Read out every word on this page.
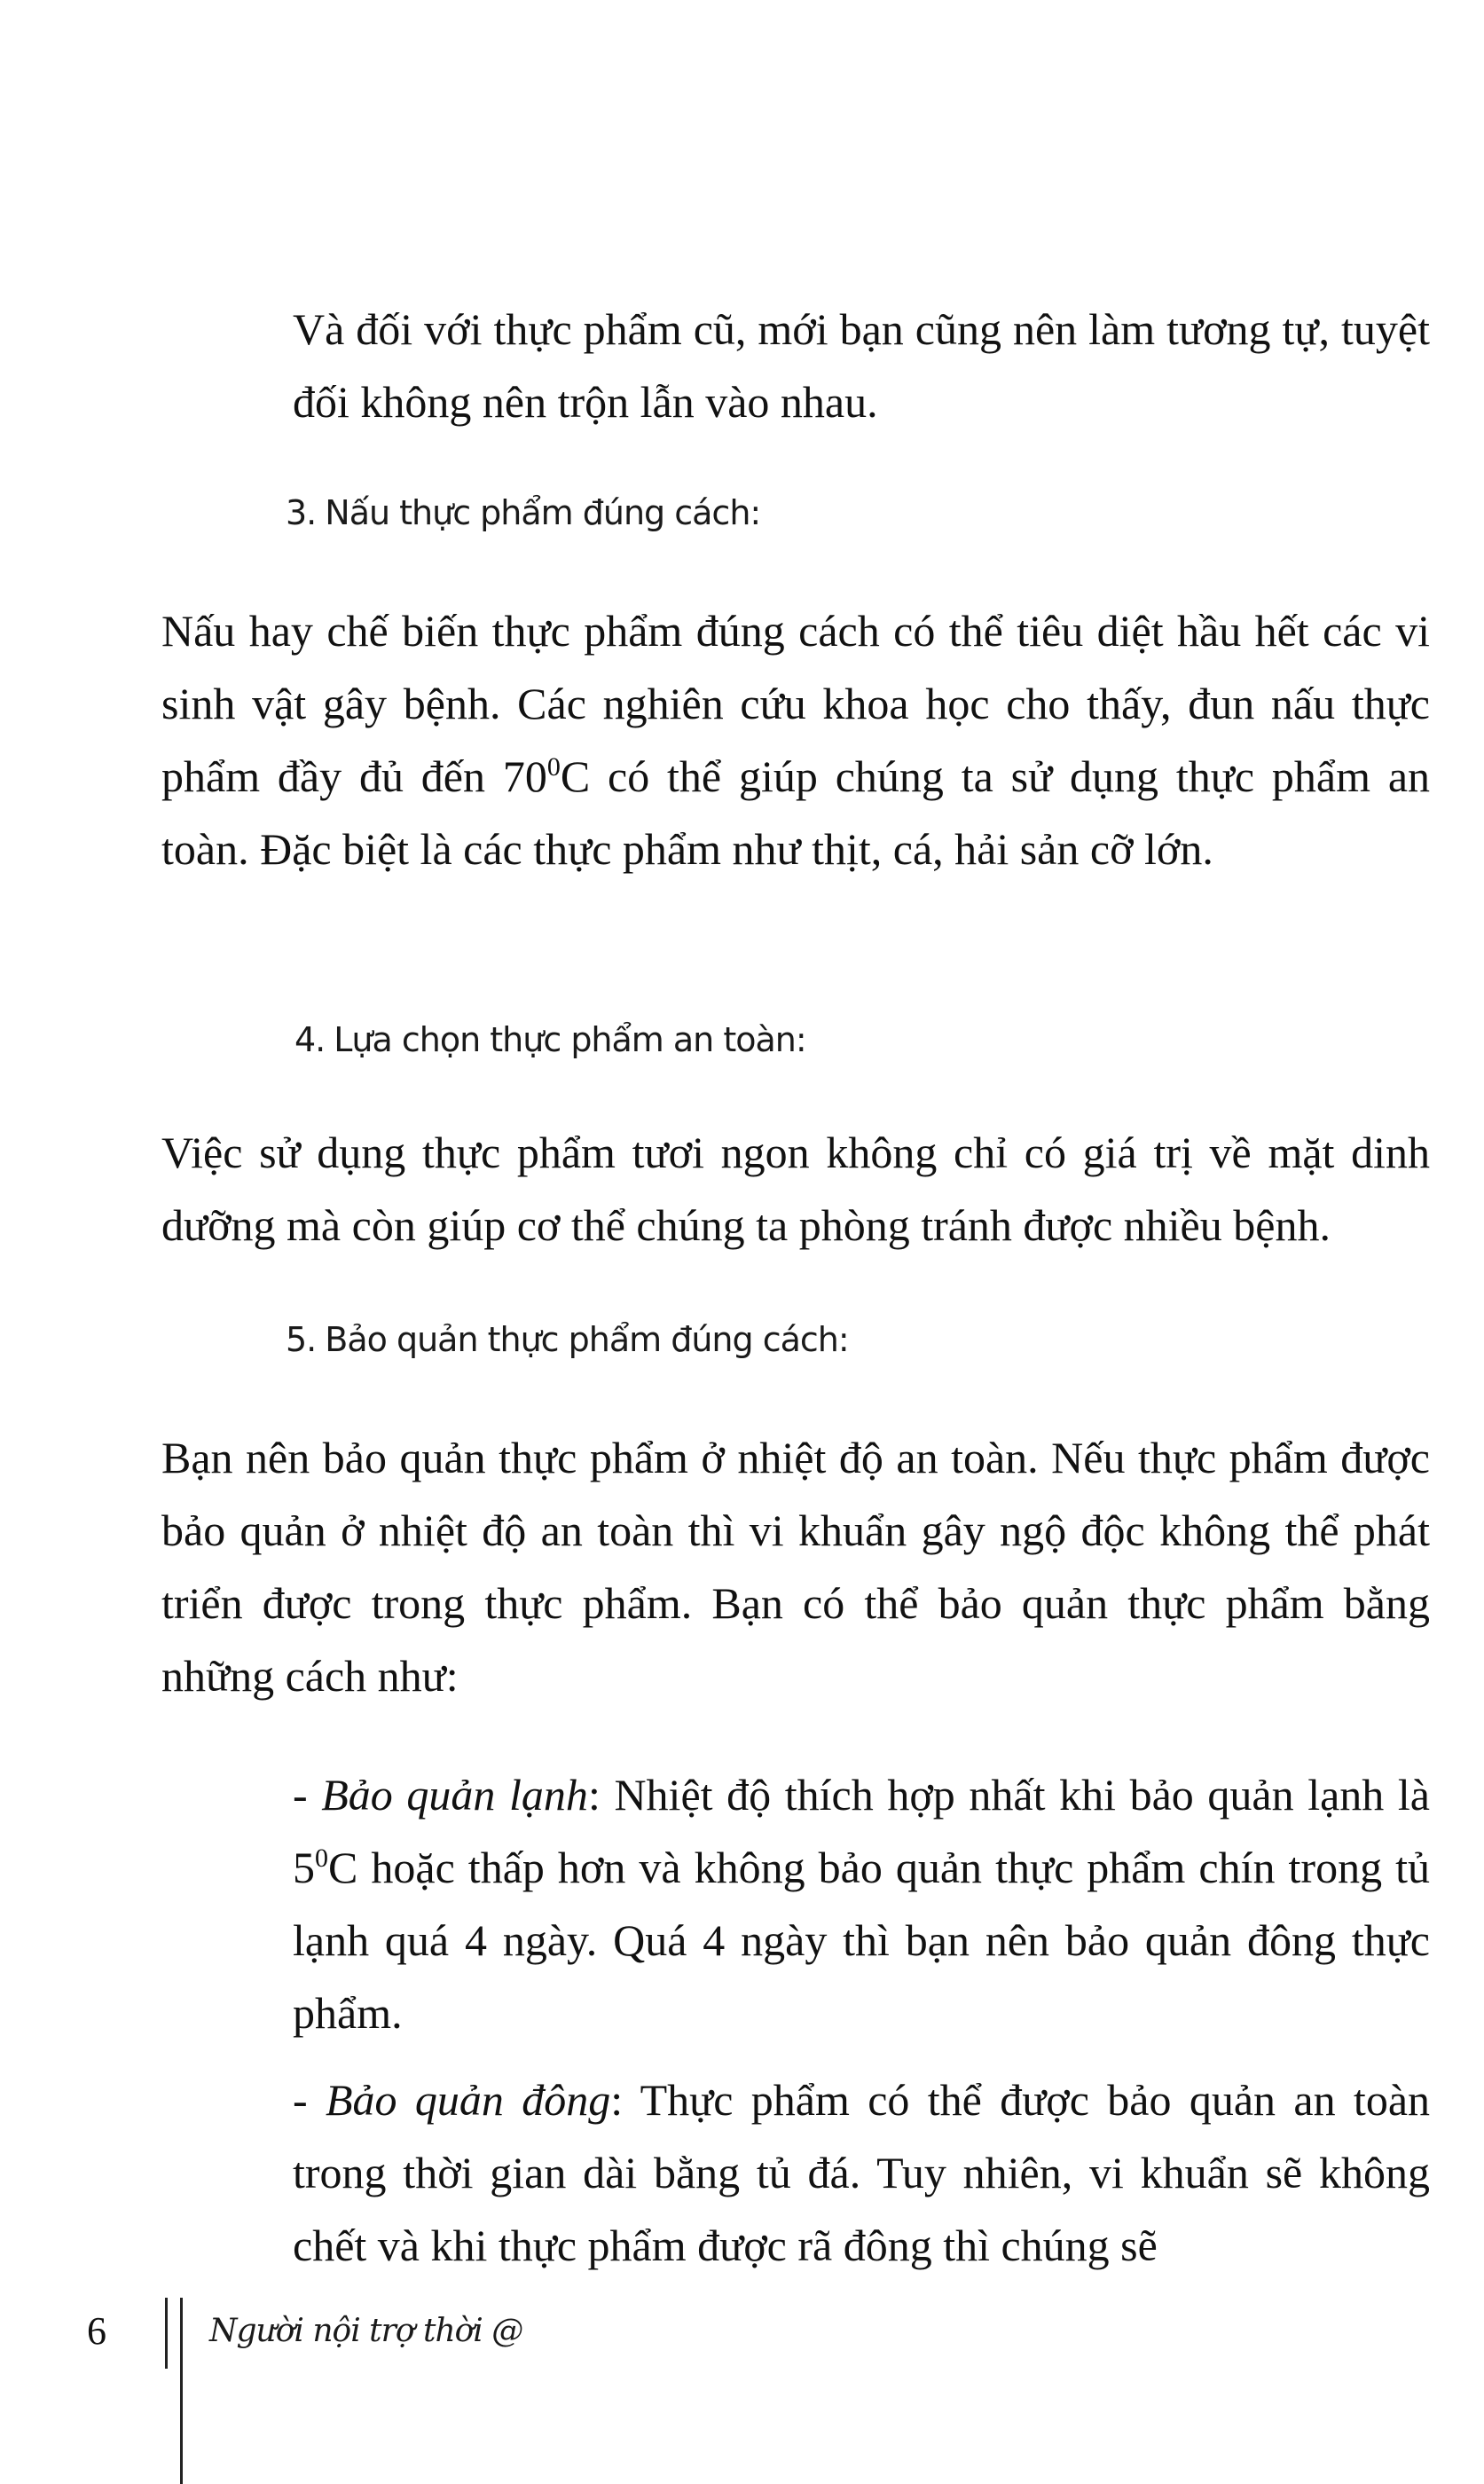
Và đối với thực phẩm cũ, mới bạn cũng nên làm tương tự, tuyệt đối không nên trộn lẫn vào nhau.

3. Nấu thực phẩm đúng cách:

Nấu hay chế biến thực phẩm đúng cách có thể tiêu diệt hầu hết các vi sinh vật gây bệnh. Các nghiên cứu khoa học cho thấy, đun nấu thực phẩm đầy đủ đến $70^0C$ có thể giúp chúng ta sử dụng thực phẩm an toàn. Đặc biệt là các thực phẩm như thịt, cá, hải sản cỡ lớn.

4. Lựa chọn thực phẩm an toàn:

Việc sử dụng thực phẩm tươi ngon không chỉ có giá trị về mặt dinh dưỡng mà còn giúp cơ thể chúng ta phòng tránh được nhiều bệnh.

5. Bảo quản thực phẩm đúng cách:

Bạn nên bảo quản thực phẩm ở nhiệt độ an toàn. Nếu thực phẩm được bảo quản ở nhiệt độ an toàn thì vi khuẩn gây ngộ độc không thể phát triển được trong thực phẩm. Bạn có thể bảo quản thực phẩm bằng những cách như:

- Bảo quản lạnh: Nhiệt độ thích hợp nhất khi bảo quản lạnh là $5^0C$ hoặc thấp hơn và không bảo quản thực phẩm chín trong tủ lạnh quá 4 ngày. Quá 4 ngày thì bạn nên bảo quản đông thực phẩm.

- Bảo quản đông: Thực phẩm có thể được bảo quản an toàn trong thời gian dài bằng tủ đá. Tuy nhiên, vi khuẩn sẽ không chết và khi thực phẩm được rã đông thì chúng sẽ

6	Người nội trợ thời @
